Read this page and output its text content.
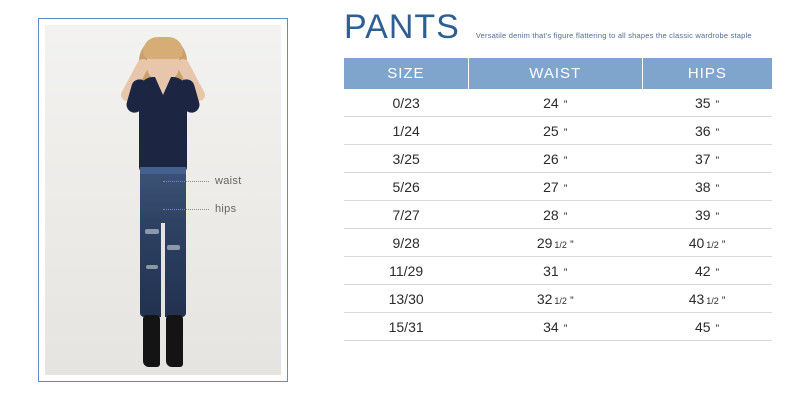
waist
hips
PANTS Versatile denim that's figure flattering to all shapes the classic wardrobe staple
SIZE	WAIST	HIPS
0/23	24 ”	35 ”
1/24	25 ”	36 ”
3/25	26 ”	37 ”
5/26	27 ”	38 ”
7/27	28 ”	39 ”
9/28	29 1/2 ”	40 1/2 ”
11/29	31 ”	42 ”
13/30	32 1/2 ”	43 1/2 ”
15/31	34 ”	45 ”
